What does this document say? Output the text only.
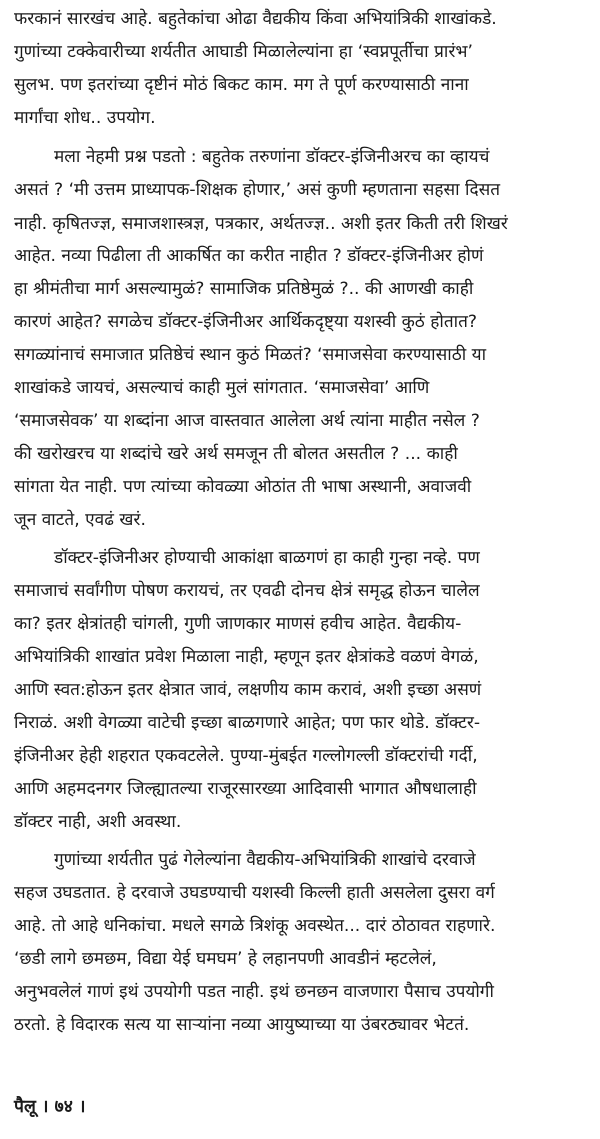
फरकानं सारखंच आहे. बहुतेकांचा ओढा वैद्यकीय किंवा अभियांत्रिकी शाखांकडे.
गुणांच्या टक्केवारीच्या शर्यतीत आघाडी मिळालेल्यांना हा ‘स्वप्नपूर्तीचा प्रारंभ’
सुलभ. पण इतरांच्या दृष्टीनं मोठं बिकट काम. मग ते पूर्ण करण्यासाठी नाना
मार्गांचा शोध.. उपयोग.
मला नेहमी प्रश्न पडतो : बहुतेक तरुणांना डॉक्टर-इंजिनीअरच का व्हायचं
असतं ? ‘मी उत्तम प्राध्यापक-शिक्षक होणार,’ असं कुणी म्हणताना सहसा दिसत
नाही. कृषितज्ज्ञ, समाजशास्त्रज्ञ, पत्रकार, अर्थतज्ज्ञ.. अशी इतर किती तरी शिखरं
आहेत. नव्या पिढीला ती आकर्षित का करीत नाहीत ? डॉक्टर-इंजिनीअर होणं
हा श्रीमंतीचा मार्ग असल्यामुळं? सामाजिक प्रतिष्ठेमुळं ?.. की आणखी काही
कारणं आहेत? सगळेच डॉक्टर-इंजिनीअर आर्थिकदृष्ट्या यशस्वी कुठं होतात?
सगळ्यांनाचं समाजात प्रतिष्ठेचं स्थान कुठं मिळतं? ‘समाजसेवा करण्यासाठी या
शाखांकडे जायचं, असल्याचं काही मुलं सांगतात. ‘समाजसेवा’ आणि
‘समाजसेवक’ या शब्दांना आज वास्तवात आलेला अर्थ त्यांना माहीत नसेल ?
की खरोखरच या शब्दांचे खरे अर्थ समजून ती बोलत असतील ? ... काही
सांगता येत नाही. पण त्यांच्या कोवळ्या ओठांत ती भाषा अस्थानी, अवाजवी
जून वाटते, एवढं खरं.
डॉक्टर-इंजिनीअर होण्याची आकांक्षा बाळगणं हा काही गुन्हा नव्हे. पण
समाजाचं सर्वांगीण पोषण करायचं, तर एवढी दोनच क्षेत्रं समृद्ध होऊन चालेल
का? इतर क्षेत्रांतही चांगली, गुणी जाणकार माणसं हवीच आहेत. वैद्यकीय-
अभियांत्रिकी शाखांत प्रवेश मिळाला नाही, म्हणून इतर क्षेत्रांकडे वळणं वेगळं,
आणि स्वत:होऊन इतर क्षेत्रात जावं, लक्षणीय काम करावं, अशी इच्छा असणं
निराळं. अशी वेगळ्या वाटेची इच्छा बाळगणारे आहेत; पण फार थोडे. डॉक्टर-
इंजिनीअर हेही शहरात एकवटलेले. पुण्या-मुंबईत गल्लोगल्ली डॉक्टरांची गर्दी,
आणि अहमदनगर जिल्ह्यातल्या राजूरसारख्या आदिवासी भागात औषधालाही
डॉक्टर नाही, अशी अवस्था.
गुणांच्या शर्यतीत पुढं गेलेल्यांना वैद्यकीय-अभियांत्रिकी शाखांचे दरवाजे
सहज उघडतात. हे दरवाजे उघडण्याची यशस्वी किल्ली हाती असलेला दुसरा वर्ग
आहे. तो आहे धनिकांचा. मधले सगळे त्रिशंकू अवस्थेत... दारं ठोठावत राहणारे.
‘छडी लागे छमछम, विद्या येई घमघम’ हे लहानपणी आवडीनं म्हटलेलं,
अनुभवलेलं गाणं इथं उपयोगी पडत नाही. इथं छनछन वाजणारा पैसाच उपयोगी
ठरतो. हे विदारक सत्य या साऱ्यांना नव्या आयुष्याच्या या उंबरठ्यावर भेटतं.
पैलू । ७४ ।
